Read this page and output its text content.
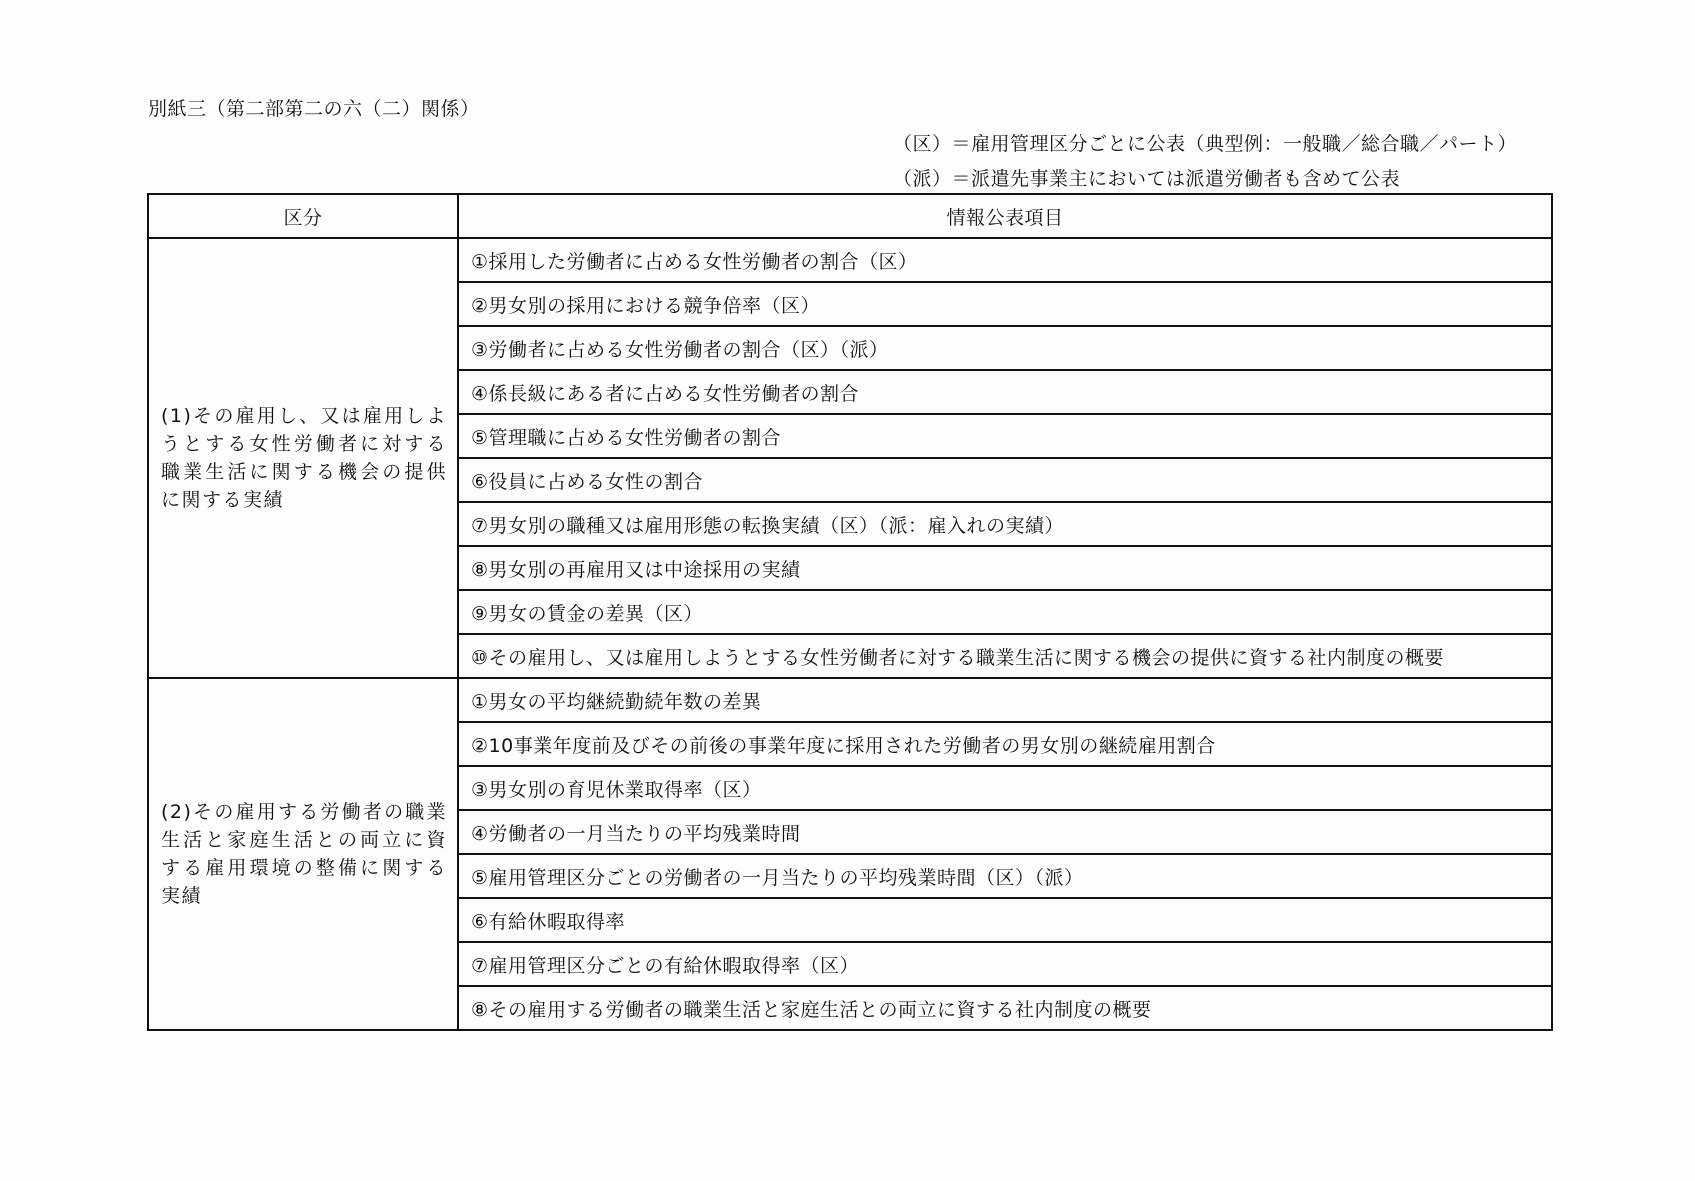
別紙三（第二部第二の六（二）関係）
（区）＝雇用管理区分ごとに公表（典型例：一般職／総合職／パート）
（派）＝派遣先事業主においては派遣労働者も含めて公表
区分	情報公表項目
(1)その雇用し、又は雇用しようとする女性労働者に対する職業生活に関する機会の提供に関する実績	①採用した労働者に占める女性労働者の割合（区）
	②男女別の採用における競争倍率（区）
	③労働者に占める女性労働者の割合（区）（派）
	④係長級にある者に占める女性労働者の割合
	⑤管理職に占める女性労働者の割合
	⑥役員に占める女性の割合
	⑦男女別の職種又は雇用形態の転換実績（区）（派：雇入れの実績）
	⑧男女別の再雇用又は中途採用の実績
	⑨男女の賃金の差異（区）
	⑩その雇用し、又は雇用しようとする女性労働者に対する職業生活に関する機会の提供に資する社内制度の概要
(2)その雇用する労働者の職業生活と家庭生活との両立に資する雇用環境の整備に関する実績	①男女の平均継続勤続年数の差異
	②10事業年度前及びその前後の事業年度に採用された労働者の男女別の継続雇用割合
	③男女別の育児休業取得率（区）
	④労働者の一月当たりの平均残業時間
	⑤雇用管理区分ごとの労働者の一月当たりの平均残業時間（区）（派）
	⑥有給休暇取得率
	⑦雇用管理区分ごとの有給休暇取得率（区）
	⑧その雇用する労働者の職業生活と家庭生活との両立に資する社内制度の概要
